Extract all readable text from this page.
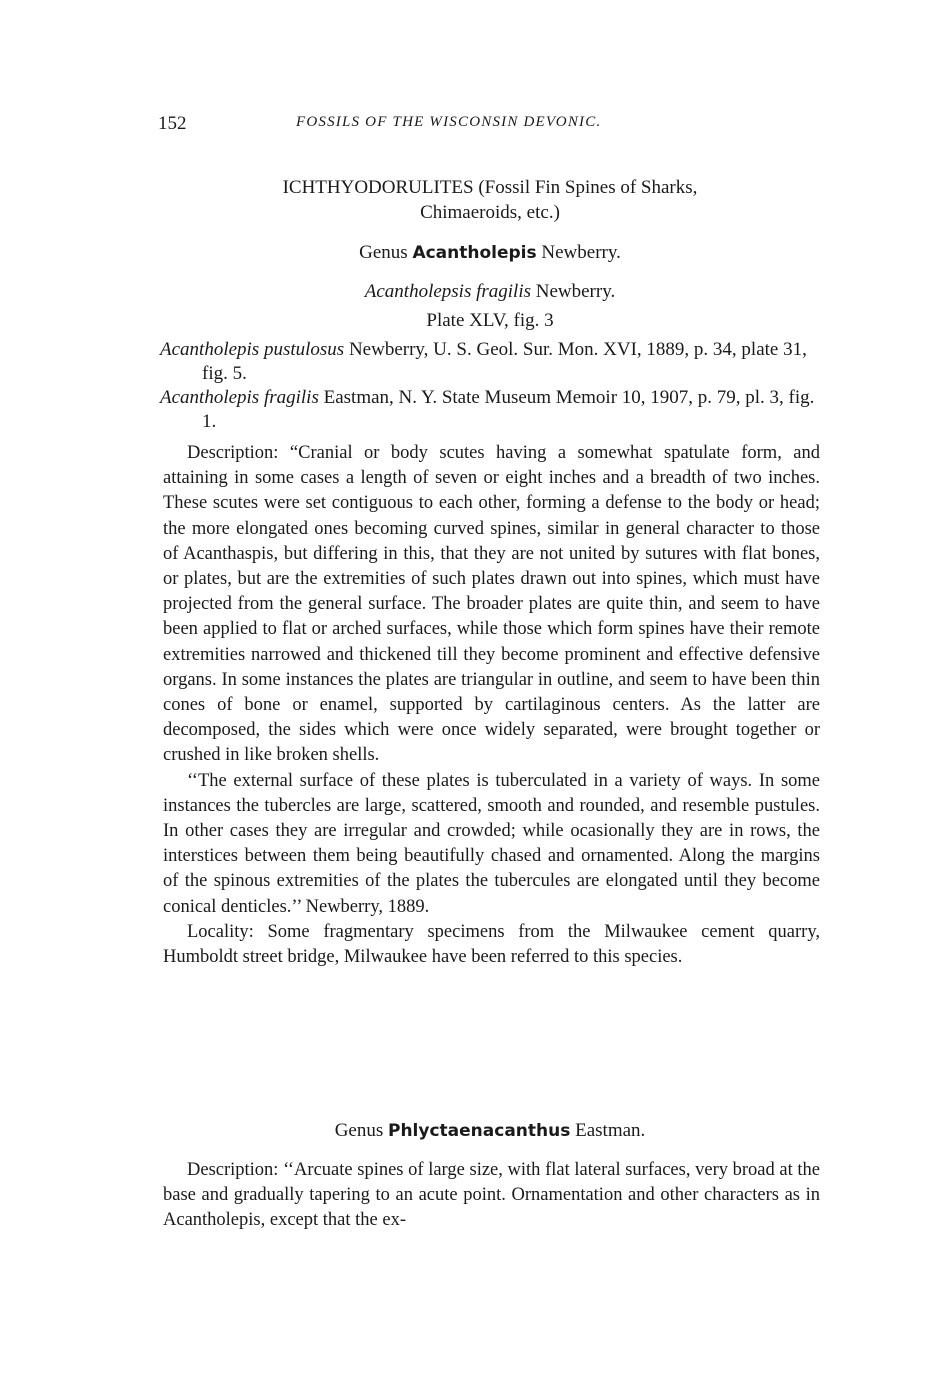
152	FOSSILS OF THE WISCONSIN DEVONIC.
ICHTHYODORULITES (Fossil Fin Spines of Sharks,
Chimaeroids, etc.)
Genus Acantholepis Newberry.
Acantholepsis fragilis Newberry.
Plate XLV, fig. 3

Acantholepis pustulosus Newberry, U. S. Geol. Sur. Mon. XVI, 1889, p. 34, plate 31, fig. 5.

Acantholepis fragilis Eastman, N. Y. State Museum Memoir 10, 1907, p. 79, pl. 3, fig. 1.

Description: “Cranial or body scutes having a somewhat spatulate form, and attaining in some cases a length of seven or eight inches and a breadth of two inches. These scutes were set contiguous to each other, forming a defense to the body or head; the more elongated ones becoming curved spines, similar in general character to those of Acanthaspis, but differing in this, that they are not united by sutures with flat bones, or plates, but are the extremities of such plates drawn out into spines, which must have projected from the general surface. The broader plates are quite thin, and seem to have been applied to flat or arched surfaces, while those which form spines have their remote extremities narrowed and thickened till they become prominent and effective defensive organs. In some instances the plates are triangular in outline, and seem to have been thin cones of bone or enamel, supported by cartilaginous centers. As the latter are decomposed, the sides which were once widely separated, were brought together or crushed in like broken shells.

‘‘The external surface of these plates is tuberculated in a variety of ways. In some instances the tubercles are large, scattered, smooth and rounded, and resemble pustules. In other cases they are irregular and crowded; while ocasionally they are in rows, the interstices between them being beautifully chased and ornamented. Along the margins of the spinous extremities of the plates the tubercules are elongated until they become conical denticles.’’ Newberry, 1889.

Locality: Some fragmentary specimens from the Milwaukee cement quarry, Humboldt street bridge, Milwaukee have been referred to this species.

Genus Phlyctaenacanthus Eastman.

Description: ‘‘Arcuate spines of large size, with flat lateral surfaces, very broad at the base and gradually tapering to an acute point. Ornamentation and other characters as in Acantholepis, except that the ex-
